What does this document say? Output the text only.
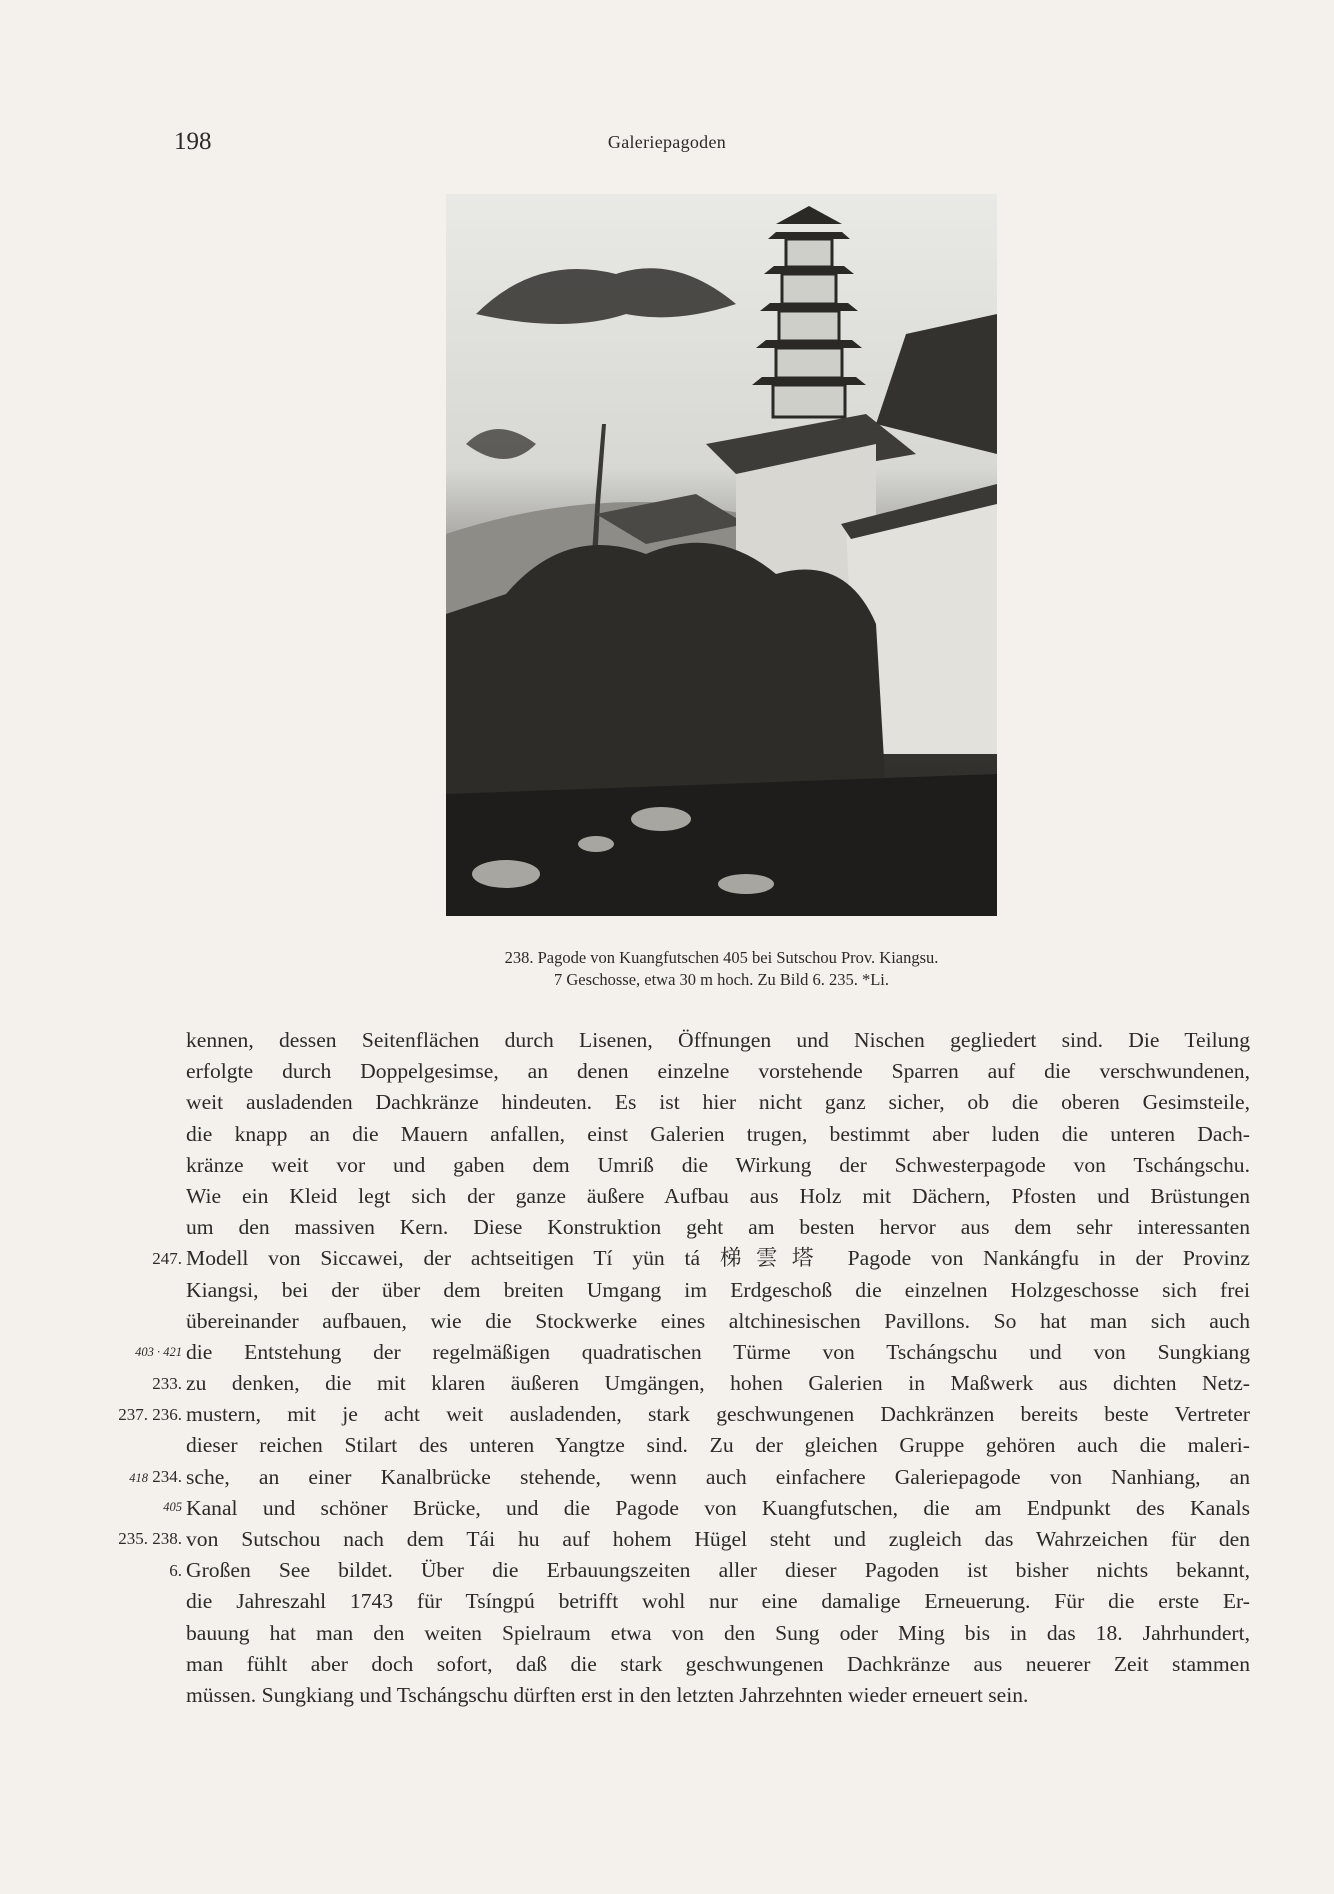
198	Galeriepagoden
238. Pagode von Kuangfutschen 405 bei Sutschou Prov. Kiangsu.
7 Geschosse, etwa 30 m hoch. Zu Bild 6. 235. *Li.
247.
403 · 421
233.
237. 236.
418 234.
405
235. 238.
6.
kennen, dessen Seitenflächen durch Lisenen, Öffnungen und Nischen gegliedert sind. Die Teilung
erfolgte durch Doppelgesimse, an denen einzelne vorstehende Sparren auf die verschwundenen,
weit ausladenden Dachkränze hindeuten. Es ist hier nicht ganz sicher, ob die oberen Gesimsteile,
die knapp an die Mauern anfallen, einst Galerien trugen, bestimmt aber luden die unteren Dach-
kränze weit vor und gaben dem Umriß die Wirkung der Schwesterpagode von Tschángschu.
Wie ein Kleid legt sich der ganze äußere Aufbau aus Holz mit Dächern, Pfosten und Brüstungen
um den massiven Kern. Diese Konstruktion geht am besten hervor aus dem sehr interessanten
Modell von Siccawei, der achtseitigen Tí yün tá 梯雲塔 Pagode von Nankángfu in der Provinz
Kiangsi, bei der über dem breiten Umgang im Erdgeschoß die einzelnen Holzgeschosse sich frei
übereinander aufbauen, wie die Stockwerke eines altchinesischen Pavillons. So hat man sich auch
die Entstehung der regelmäßigen quadratischen Türme von Tschángschu und von Sungkiang
zu denken, die mit klaren äußeren Umgängen, hohen Galerien in Maßwerk aus dichten Netz-
mustern, mit je acht weit ausladenden, stark geschwungenen Dachkränzen bereits beste Vertreter
dieser reichen Stilart des unteren Yangtze sind. Zu der gleichen Gruppe gehören auch die maleri-
sche, an einer Kanalbrücke stehende, wenn auch einfachere Galeriepagode von Nanhiang, an
Kanal und schöner Brücke, und die Pagode von Kuangfutschen, die am Endpunkt des Kanals
von Sutschou nach dem Tái hu auf hohem Hügel steht und zugleich das Wahrzeichen für den
Großen See bildet. Über die Erbauungszeiten aller dieser Pagoden ist bisher nichts bekannt,
die Jahreszahl 1743 für Tsíngpú betrifft wohl nur eine damalige Erneuerung. Für die erste Er-
bauung hat man den weiten Spielraum etwa von den Sung oder Ming bis in das 18. Jahrhundert,
man fühlt aber doch sofort, daß die stark geschwungenen Dachkränze aus neuerer Zeit stammen
müssen. Sungkiang und Tschángschu dürften erst in den letzten Jahrzehnten wieder erneuert sein.
